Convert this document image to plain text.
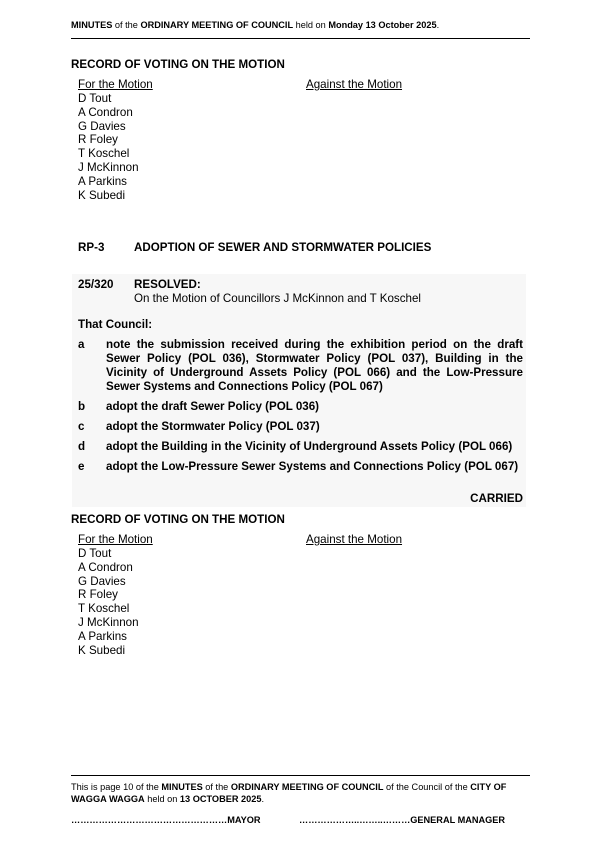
MINUTES of the ORDINARY MEETING OF COUNCIL held on Monday 13 October 2025.
RECORD OF VOTING ON THE MOTION
For the Motion	Against the Motion
D Tout
A Condron
G Davies
R Foley
T Koschel
J McKinnon
A Parkins
K Subedi
RP-3	ADOPTION OF SEWER AND STORMWATER POLICIES
25/320 RESOLVED:
On the Motion of Councillors J McKinnon and T Koschel
That Council:
a note the submission received during the exhibition period on the draft Sewer Policy (POL 036), Stormwater Policy (POL 037), Building in the Vicinity of Underground Assets Policy (POL 066) and the Low-Pressure Sewer Systems and Connections Policy (POL 067)
b adopt the draft Sewer Policy (POL 036)
c adopt the Stormwater Policy (POL 037)
d adopt the Building in the Vicinity of Underground Assets Policy (POL 066)
e adopt the Low-Pressure Sewer Systems and Connections Policy (POL 067)
CARRIED
RECORD OF VOTING ON THE MOTION
For the Motion	Against the Motion
D Tout
A Condron
G Davies
R Foley
T Koschel
J McKinnon
A Parkins
K Subedi
This is page 10 of the MINUTES of the ORDINARY MEETING OF COUNCIL of the Council of the CITY OF WAGGA WAGGA held on 13 OCTOBER 2025.
……………………………………………MAYOR	………………..……..………GENERAL MANAGER
